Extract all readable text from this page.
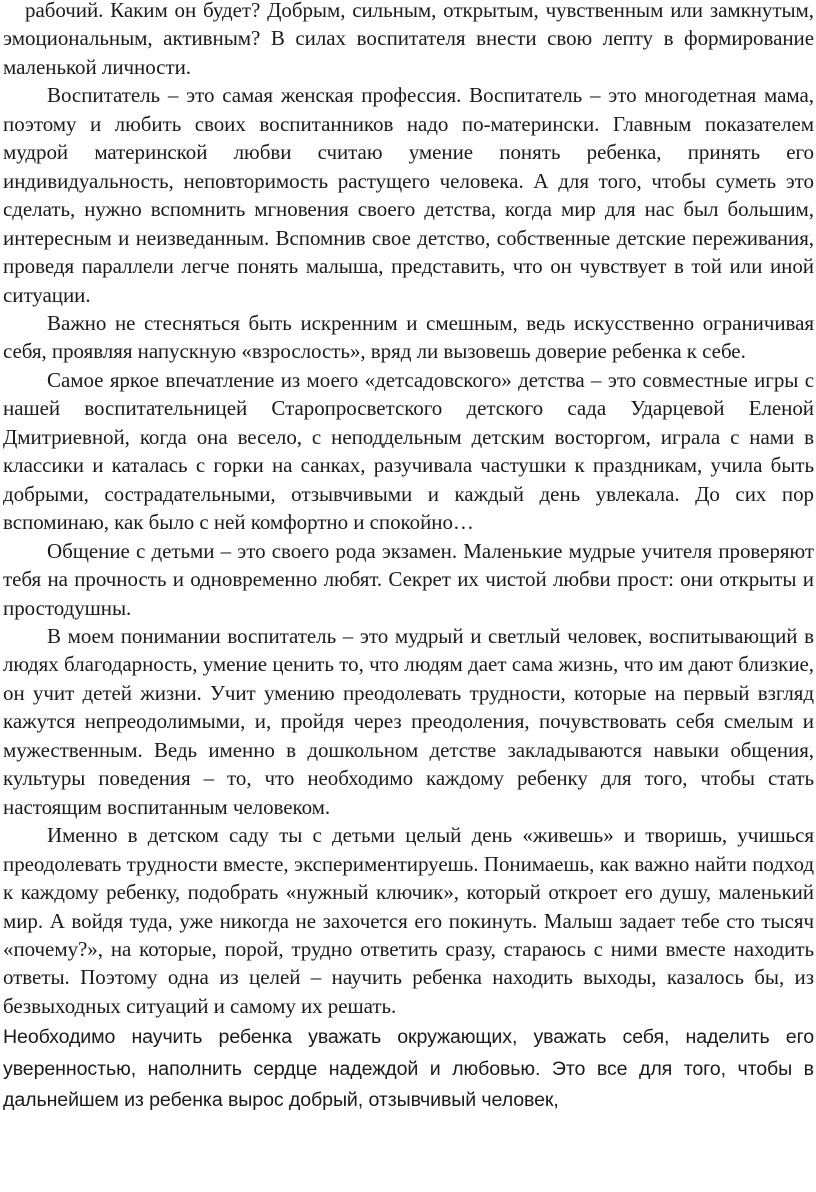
рабочий. Каким он будет? Добрым, сильным, открытым, чувственным или замкнутым, эмоциональным, активным? В силах воспитателя внести свою лепту в формирование маленькой личности.

Воспитатель – это самая женская профессия. Воспитатель – это многодетная мама, поэтому и любить своих воспитанников надо по-матерински. Главным показателем мудрой материнской любви считаю умение понять ребенка, принять его индивидуальность, неповторимость растущего человека. А для того, чтобы суметь это сделать, нужно вспомнить мгновения своего детства, когда мир для нас был большим, интересным и неизведанным. Вспомнив свое детство, собственные детские переживания, проведя параллели легче понять малыша, представить, что он чувствует в той или иной ситуации.

Важно не стесняться быть искренним и смешным, ведь искусственно ограничивая себя, проявляя напускную «взрослость», вряд ли вызовешь доверие ребенка к себе.

Самое яркое впечатление из моего «детсадовского» детства – это совместные игры с нашей воспитательницей Старопросветского детского сада Ударцевой Еленой Дмитриевной, когда она весело, с неподдельным детским восторгом, играла с нами в классики и каталась с горки на санках, разучивала частушки к праздникам, учила быть добрыми, сострадательными, отзывчивыми и каждый день увлекала. До сих пор вспоминаю, как было с ней комфортно и спокойно…

Общение с детьми – это своего рода экзамен. Маленькие мудрые учителя проверяют тебя на прочность и одновременно любят. Секрет их чистой любви прост: они открыты и простодушны.

В моем понимании воспитатель – это мудрый и светлый человек, воспитывающий в людях благодарность, умение ценить то, что людям дает сама жизнь, что им дают близкие, он учит детей жизни. Учит умению преодолевать трудности, которые на первый взгляд кажутся непреодолимыми, и, пройдя через преодоления, почувствовать себя смелым и мужественным. Ведь именно в дошкольном детстве закладываются навыки общения, культуры поведения – то, что необходимо каждому ребенку для того, чтобы стать настоящим воспитанным человеком.

Именно в детском саду ты с детьми целый день «живешь» и творишь, учишься преодолевать трудности вместе, экспериментируешь. Понимаешь, как важно найти подход к каждому ребенку, подобрать «нужный ключик», который откроет его душу, маленький мир. А войдя туда, уже никогда не захочется его покинуть. Малыш задает тебе сто тысяч «почему?», на которые, порой, трудно ответить сразу, стараюсь с ними вместе находить ответы. Поэтому одна из целей – научить ребенка находить выходы, казалось бы, из безвыходных ситуаций и самому их решать.

Необходимо научить ребенка уважать окружающих, уважать себя, наделить его уверенностью, наполнить сердце надеждой и любовью. Это все для того, чтобы в дальнейшем из ребенка вырос добрый, отзывчивый человек,
